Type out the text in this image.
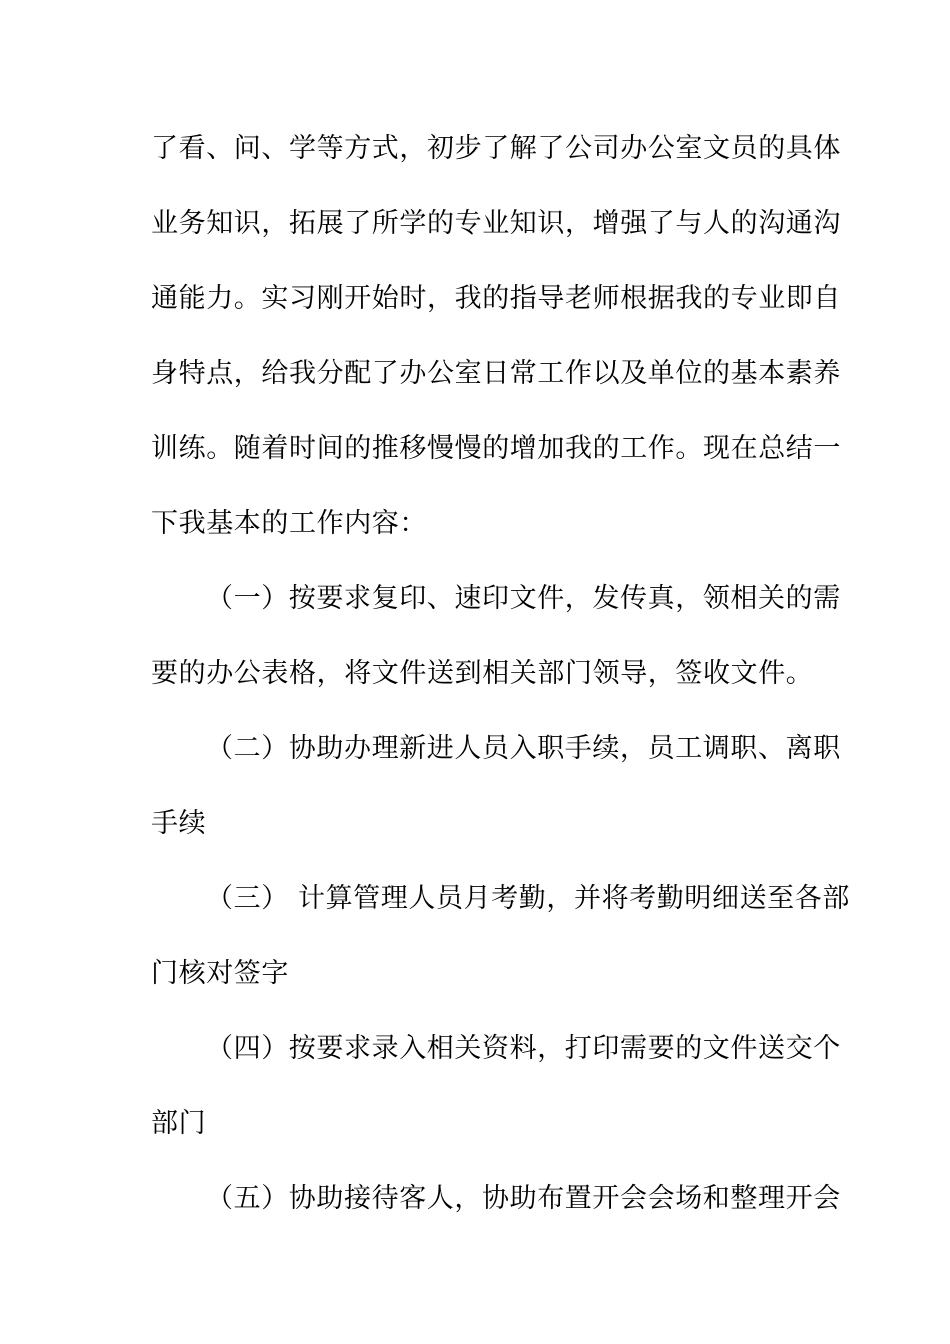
了看、问、学等方式，初步了解了公司办公室文员的具体
业务知识，拓展了所学的专业知识，增强了与人的沟通沟
通能力。实习刚开始时，我的指导老师根据我的专业即自
身特点，给我分配了办公室日常工作以及单位的基本素养
训练。随着时间的推移慢慢的增加我的工作。现在总结一
下我基本的工作内容：
（一）按要求复印、速印文件，发传真，领相关的需
要的办公表格，将文件送到相关部门领导，签收文件。
（二）协助办理新进人员入职手续，员工调职、离职
手续
（三） 计算管理人员月考勤，并将考勤明细送至各部
门核对签字
（四）按要求录入相关资料，打印需要的文件送交个
部门
（五）协助接待客人，协助布置开会会场和整理开会
